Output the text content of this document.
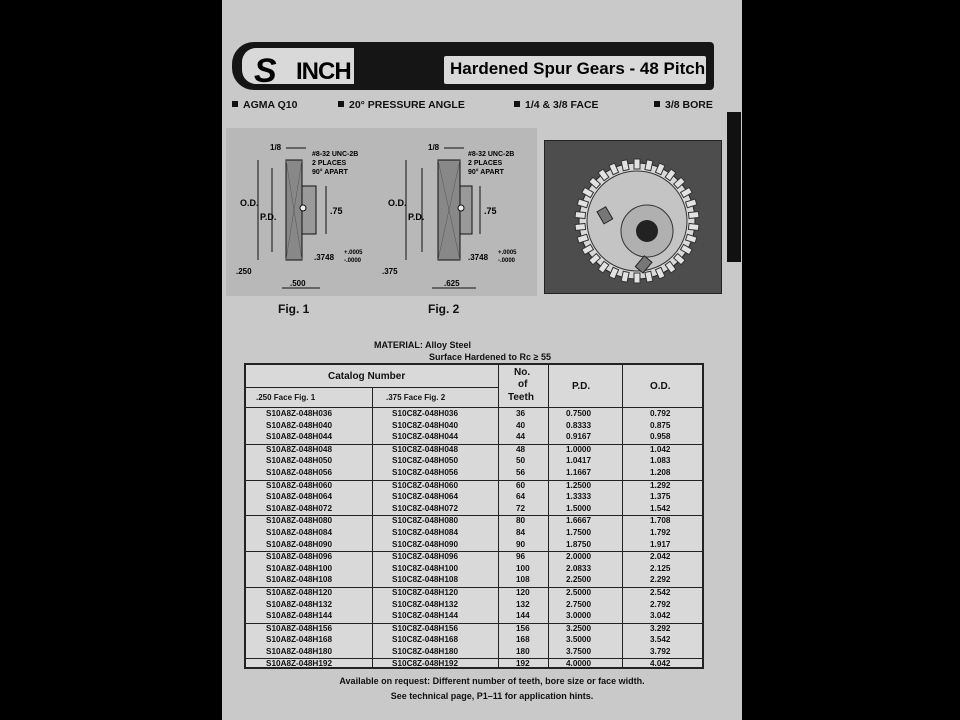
S INCH	Hardened Spur Gears - 48 Pitch
AGMA Q10	20° PRESSURE ANGLE	1/4 & 3/8 FACE	3/8 BORE
1/8
O.D.
P.D.
.75
#8-32 UNC-2B
2 PLACES
90° APART
.3748 +.0005
-.0000
.250
.500
Fig. 1
1/8
O.D.
P.D.
.75
#8-32 UNC-2B
2 PLACES
90° APART
.3748 +.0005
-.0000
.375
.625
Fig. 2
MATERIAL: Alloy Steel
Surface Hardened to Rc ≥ 55
Catalog Number
.250 Face Fig. 1	.375 Face Fig. 2
No.
of
Teeth
P.D.	O.D.
S10A8Z-048H036	S10C8Z-048H036	36	0.7500	0.792
S10A8Z-048H040	S10C8Z-048H040	40	0.8333	0.875
S10A8Z-048H044	S10C8Z-048H044	44	0.9167	0.958
S10A8Z-048H048	S10C8Z-048H048	48	1.0000	1.042
S10A8Z-048H050	S10C8Z-048H050	50	1.0417	1.083
S10A8Z-048H056	S10C8Z-048H056	56	1.1667	1.208
S10A8Z-048H060	S10C8Z-048H060	60	1.2500	1.292
S10A8Z-048H064	S10C8Z-048H064	64	1.3333	1.375
S10A8Z-048H072	S10C8Z-048H072	72	1.5000	1.542
S10A8Z-048H080	S10C8Z-048H080	80	1.6667	1.708
S10A8Z-048H084	S10C8Z-048H084	84	1.7500	1.792
S10A8Z-048H090	S10C8Z-048H090	90	1.8750	1.917
S10A8Z-048H096	S10C8Z-048H096	96	2.0000	2.042
S10A8Z-048H100	S10C8Z-048H100	100	2.0833	2.125
S10A8Z-048H108	S10C8Z-048H108	108	2.2500	2.292
S10A8Z-048H120	S10C8Z-048H120	120	2.5000	2.542
S10A8Z-048H132	S10C8Z-048H132	132	2.7500	2.792
S10A8Z-048H144	S10C8Z-048H144	144	3.0000	3.042
S10A8Z-048H156	S10C8Z-048H156	156	3.2500	3.292
S10A8Z-048H168	S10C8Z-048H168	168	3.5000	3.542
S10A8Z-048H180	S10C8Z-048H180	180	3.7500	3.792
S10A8Z-048H192	S10C8Z-048H192	192	4.0000	4.042
Available on request: Different number of teeth, bore size or face width.
See technical page, P1–11 for application hints.
